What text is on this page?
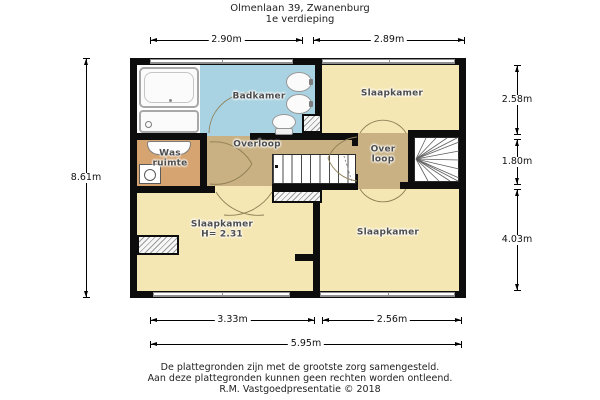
Olmenlaan 39, Zwanenburg
1e verdieping
Badkamer	Slaapkamer
Overloop
Over
loop
Was
ruimte
Slaapkamer
H= 2.31	Slaapkamer
2.90m	2.89m
8.61m
2.58m
1.80m
4.03m
3.33m	2.56m
5.95m
De plattegronden zijn met de grootste zorg samengesteld.
Aan deze plattegronden kunnen geen rechten worden ontleend.
R.M. Vastgoedpresentatie © 2018
